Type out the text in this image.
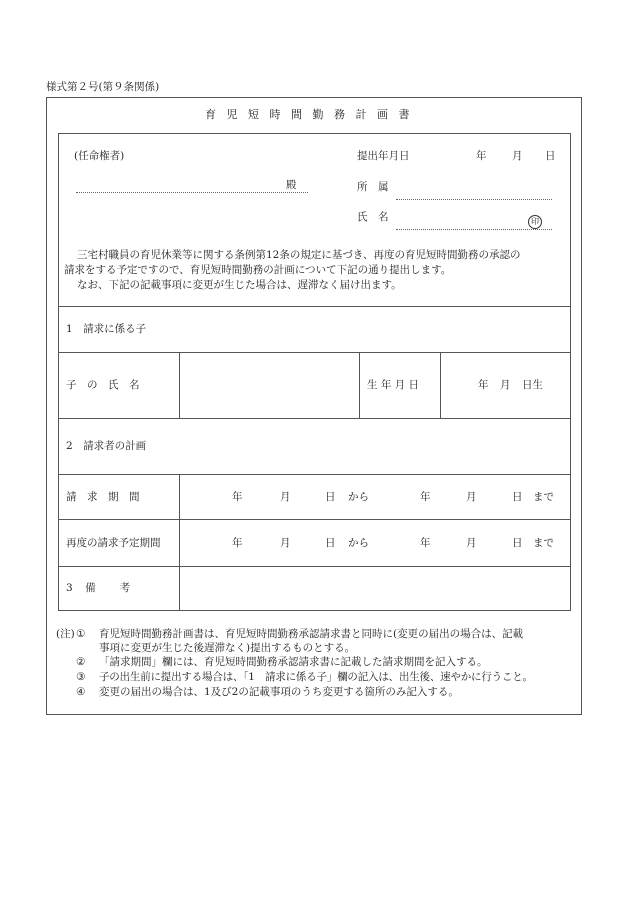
様式第２号(第９条関係)
育児短時間勤務計画書
(任命権者)
殿
提出年月日	年 月 日
所　属
氏　名	印
三宅村職員の育児休業等に関する条例第12条の規定に基づき、再度の育児短時間勤務の承認の
請求をする予定ですので、育児短時間勤務の計画について下記の通り提出します。
なお、下記の記載事項に変更が生じた場合は、遅滞なく届け出ます。
1　請求に係る子
子　の　氏　名	生 年 月 日	年 月 日生
2　請求者の計画
請　求　期　間	年	月	日 から	年	月	日 まで
再度の請求予定期間	年	月	日 から	年	月	日 まで
3　備　　考
(注) ① 育児短時間勤務計画書は、育児短時間勤務承認請求書と同時に(変更の届出の場合は、記載
事項に変更が生じた後遅滞なく)提出するものとする。
② 「請求期間」欄には、育児短時間勤務承認請求書に記載した請求期間を記入する。
③ 子の出生前に提出する場合は、「1　請求に係る子」欄の記入は、出生後、速やかに行うこと。
④ 変更の届出の場合は、1及び2の記載事項のうち変更する箇所のみ記入する。
